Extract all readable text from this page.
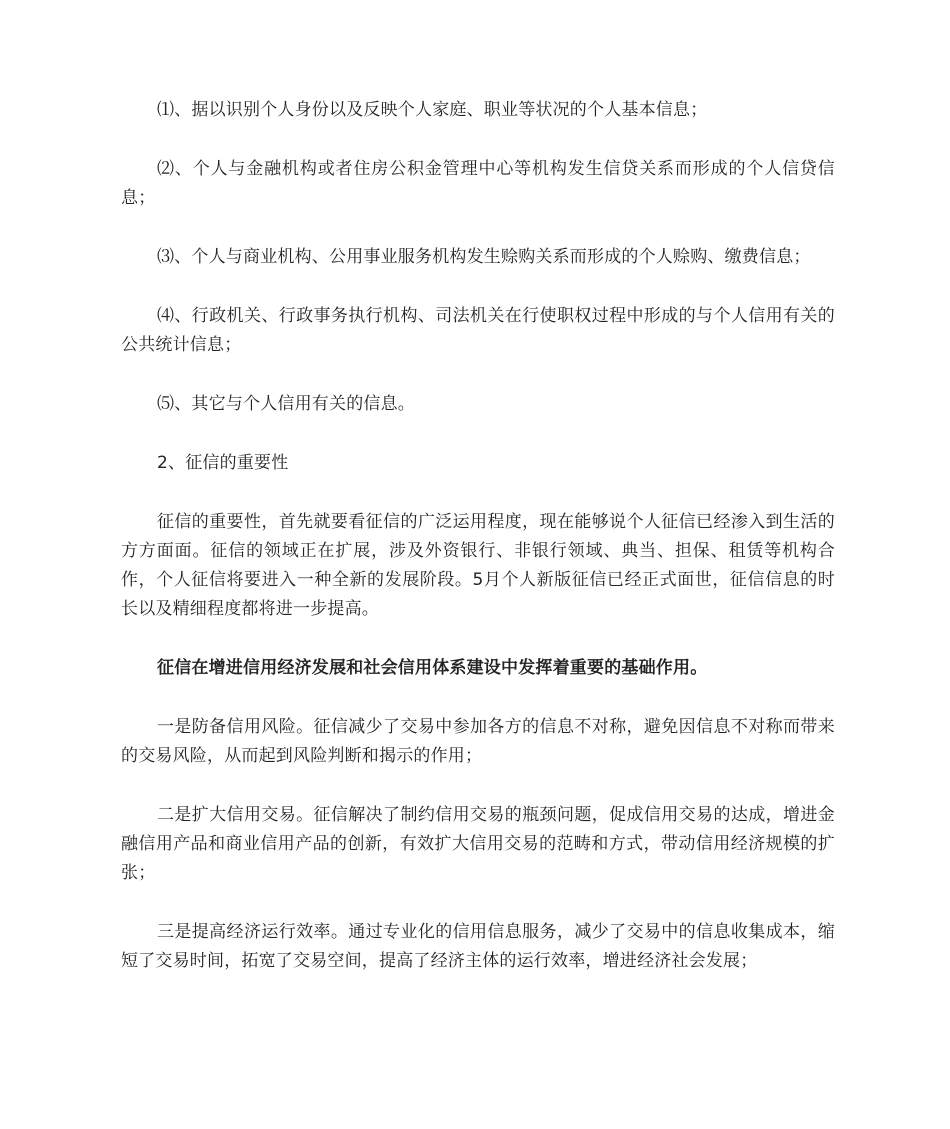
⑴、据以识别个人身份以及反映个人家庭、职业等状况的个人基本信息；

⑵、个人与金融机构或者住房公积金管理中心等机构发生信贷关系而形成的个人信贷信息；

⑶、个人与商业机构、公用事业服务机构发生赊购关系而形成的个人赊购、缴费信息；

⑷、行政机关、行政事务执行机构、司法机关在行使职权过程中形成的与个人信用有关的公共统计信息；

⑸、其它与个人信用有关的信息。

2、征信的重要性

征信的重要性，首先就要看征信的广泛运用程度，现在能够说个人征信已经渗入到生活的方方面面。征信的领域正在扩展，涉及外资银行、非银行领域、典当、担保、租赁等机构合作，个人征信将要进入一种全新的发展阶段。5月个人新版征信已经正式面世，征信信息的时长以及精细程度都将进一步提高。

征信在增进信用经济发展和社会信用体系建设中发挥着重要的基础作用。

一是防备信用风险。征信减少了交易中参加各方的信息不对称，避免因信息不对称而带来的交易风险，从而起到风险判断和揭示的作用；

二是扩大信用交易。征信解决了制约信用交易的瓶颈问题，促成信用交易的达成，增进金融信用产品和商业信用产品的创新，有效扩大信用交易的范畴和方式，带动信用经济规模的扩张；

三是提高经济运行效率。通过专业化的信用信息服务，减少了交易中的信息收集成本，缩短了交易时间，拓宽了交易空间，提高了经济主体的运行效率，增进经济社会发展；
